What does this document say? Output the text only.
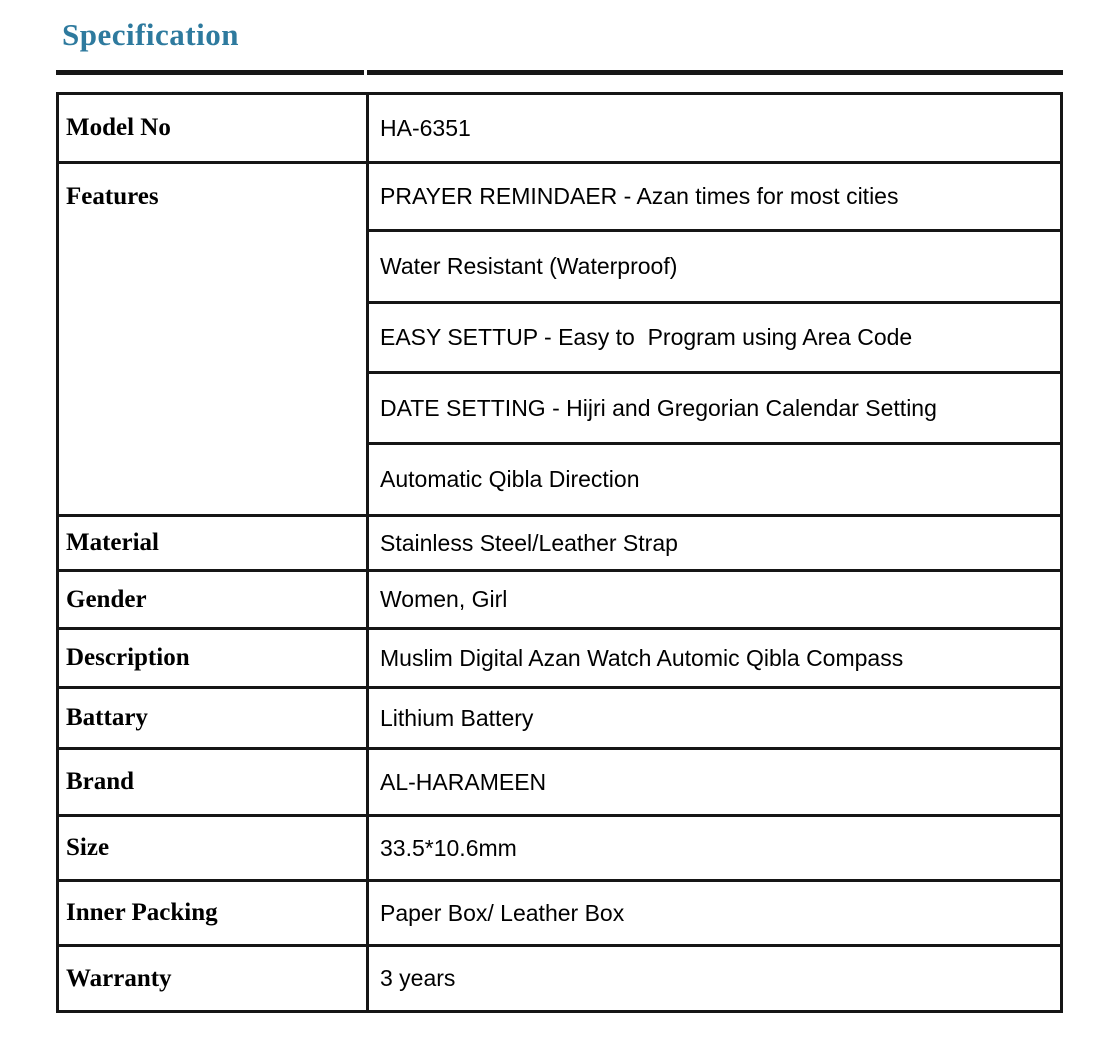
Specification
Model No	HA-6351
Features	PRAYER REMINDAER - Azan times for most cities
	Water Resistant (Waterproof)
	EASY SETTUP - Easy to  Program using Area Code
	DATE SETTING - Hijri and Gregorian Calendar Setting
	Automatic Qibla Direction
Material	Stainless Steel/Leather Strap
Gender	Women, Girl
Description	Muslim Digital Azan Watch Automic Qibla Compass
Battary	Lithium Battery
Brand	AL-HARAMEEN
Size	33.5*10.6mm
Inner Packing	Paper Box/ Leather Box
Warranty	3 years
